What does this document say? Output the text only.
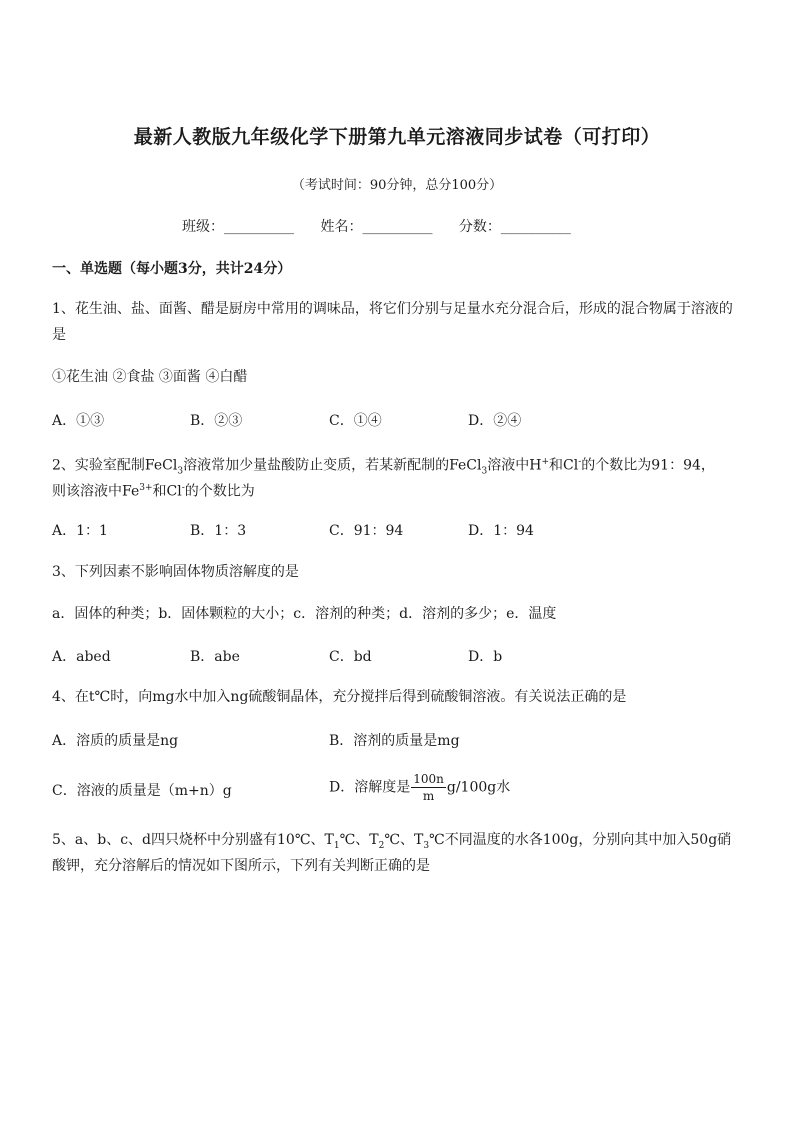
最新人教版九年级化学下册第九单元溶液同步试卷（可打印）
（考试时间：90分钟，总分100分）
班级：__________ 姓名：__________ 分数：__________
一、单选题（每小题3分，共计24分）
1、花生油、盐、面酱、醋是厨房中常用的调味品，将它们分别与足量水充分混合后，形成的混合物属于溶液的是
①花生油 ②食盐 ③面酱 ④白醋
A．①③	B．②③	C．①④	D．②④
2、实验室配制FeCl$_3$溶液常加少量盐酸防止变质，若某新配制的FeCl$_3$溶液中H+和Cl-的个数比为91：94，
则该溶液中$Fe^{3+}$和Cl-的个数比为
A．1：1	B．1：3	C．91：94	D．1：94
3、下列因素不影响固体物质溶解度的是
a．固体的种类；b．固体颗粒的大小；c．溶剂的种类；d．溶剂的多少；e．温度
A．abed	B．abe	C．bd	D．b
4、在t℃时，向mg水中加入ng硫酸铜晶体，充分搅拌后得到硫酸铜溶液。有关说法正确的是
A．溶质的质量是ng	B．溶剂的质量是mg
C．溶液的质量是（m+n）g	D．溶解度是 $\frac{100n}{m} g/100g$水
5、a、b、c、d四只烧杯中分别盛有10℃、$T_1℃$、$T_2℃$、$T_3℃$不同温度的水各100g，分别向其中加入50g硝
酸钾，充分溶解后的情况如下图所示，下列有关判断正确的是
